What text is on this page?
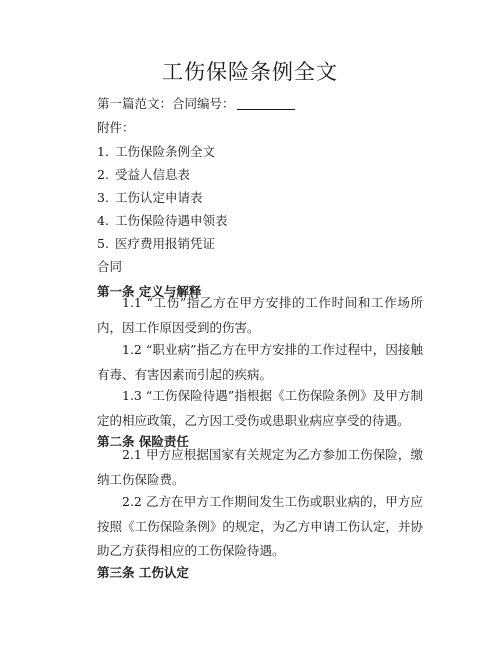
工伤保险条例全文
第一篇范文：合同编号：
附件：
1. 工伤保险条例全文
2. 受益人信息表
3. 工伤认定申请表
4. 工伤保险待遇申领表
5. 医疗费用报销凭证
合同
第一条 定义与解释

1.1 “工伤”指乙方在甲方安排的工作时间和工作场所内，因工作原因受到的伤害。

1.2 “职业病”指乙方在甲方安排的工作过程中，因接触有毒、有害因素而引起的疾病。

1.3 “工伤保险待遇”指根据《工伤保险条例》及甲方制定的相应政策，乙方因工受伤或患职业病应享受的待遇。

第二条 保险责任

2.1 甲方应根据国家有关规定为乙方参加工伤保险，缴纳工伤保险费。

2.2 乙方在甲方工作期间发生工伤或职业病的，甲方应按照《工伤保险条例》的规定，为乙方申请工伤认定，并协助乙方获得相应的工伤保险待遇。

第三条 工伤认定
